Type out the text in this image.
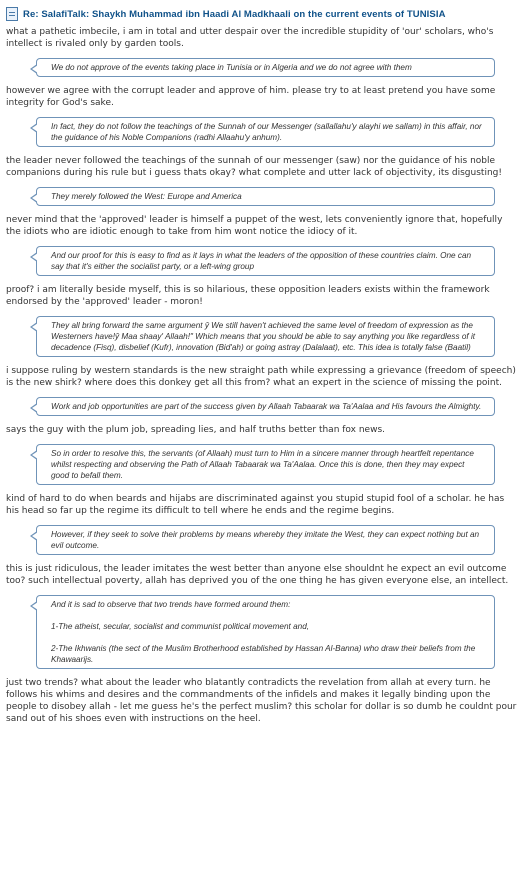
Re: SalafiTalk: Shaykh Muhammad ibn Haadi Al Madkhaali on the current events of TUNISIA
what a pathetic imbecile, i am in total and utter despair over the incredible stupidity of 'our' scholars, who's intellect is rivaled only by garden tools.

We do not approve of the events taking place in Tunisia or in Algeria and we do not agree with them

however we agree with the corrupt leader and approve of him. please try to at least pretend you have some integrity for God's sake.

In fact, they do not follow the teachings of the Sunnah of our Messenger (sallallahu'y alayhi we sallam) in this affair, nor the guidance of his Noble Companions (radhi Allaahu'y anhum).

the leader never followed the teachings of the sunnah of our messenger (saw) nor the guidance of his noble companions during his rule but i guess thats okay? what complete and utter lack of objectivity, its disgusting!

They merely followed the West: Europe and America

never mind that the 'approved' leader is himself a puppet of the west, lets conveniently ignore that, hopefully the idiots who are idiotic enough to take from him wont notice the idiocy of it.

And our proof for this is easy to find as it lays in what the leaders of the opposition of these countries claim. One can say that it's either the socialist party, or a left-wing group

proof? i am literally beside myself, this is so hilarious, these opposition leaders exists within the framework endorsed by the 'approved' leader - moron!

They all bring forward the same argument ŷ We still haven't achieved the same level of freedom of expression as the Westerners have!ŷ Maa shaay' Allaah!" Which means that you should be able to say anything you like regardless of it decadence (Fisq), disbelief (Kufr), innovation (Bid'ah) or going astray (Dalalaat), etc. This idea is totally false (Baatil)

i suppose ruling by western standards is the new straight path while expressing a grievance (freedom of speech) is the new shirk? where does this donkey get all this from? what an expert in the science of missing the point.

Work and job opportunities are part of the success given by Allaah Tabaarak wa Ta'Aalaa and His favours the Almighty.

says the guy with the plum job, spreading lies, and half truths better than fox news.

So in order to resolve this, the servants (of Allaah) must turn to Him in a sincere manner through heartfelt repentance whilst respecting and observing the Path of Allaah Tabaarak wa Ta'Aalaa. Once this is done, then they may expect good to befall them.

kind of hard to do when beards and hijabs are discriminated against you stupid stupid fool of a scholar. he has his head so far up the regime its difficult to tell where he ends and the regime begins.

However, if they seek to solve their problems by means whereby they imitate the West, they can expect nothing but an evil outcome.

this is just ridiculous, the leader imitates the west better than anyone else shouldnt he expect an evil outcome too? such intellectual poverty, allah has deprived you of the one thing he has given everyone else, an intellect.

And it is sad to observe that two trends have formed around them:

1-The atheist, secular, socialist and communist political movement and,

2-The Ikhwanis (the sect of the Muslim Brotherhood established by Hassan Al-Banna) who draw their beliefs from the Khawaarijs.

just two trends? what about the leader who blatantly contradicts the revelation from allah at every turn. he follows his whims and desires and the commandments of the infidels and makes it legally binding upon the people to disobey allah - let me guess he's the perfect muslim? this scholar for dollar is so dumb he couldnt pour sand out of his shoes even with instructions on the heel.
